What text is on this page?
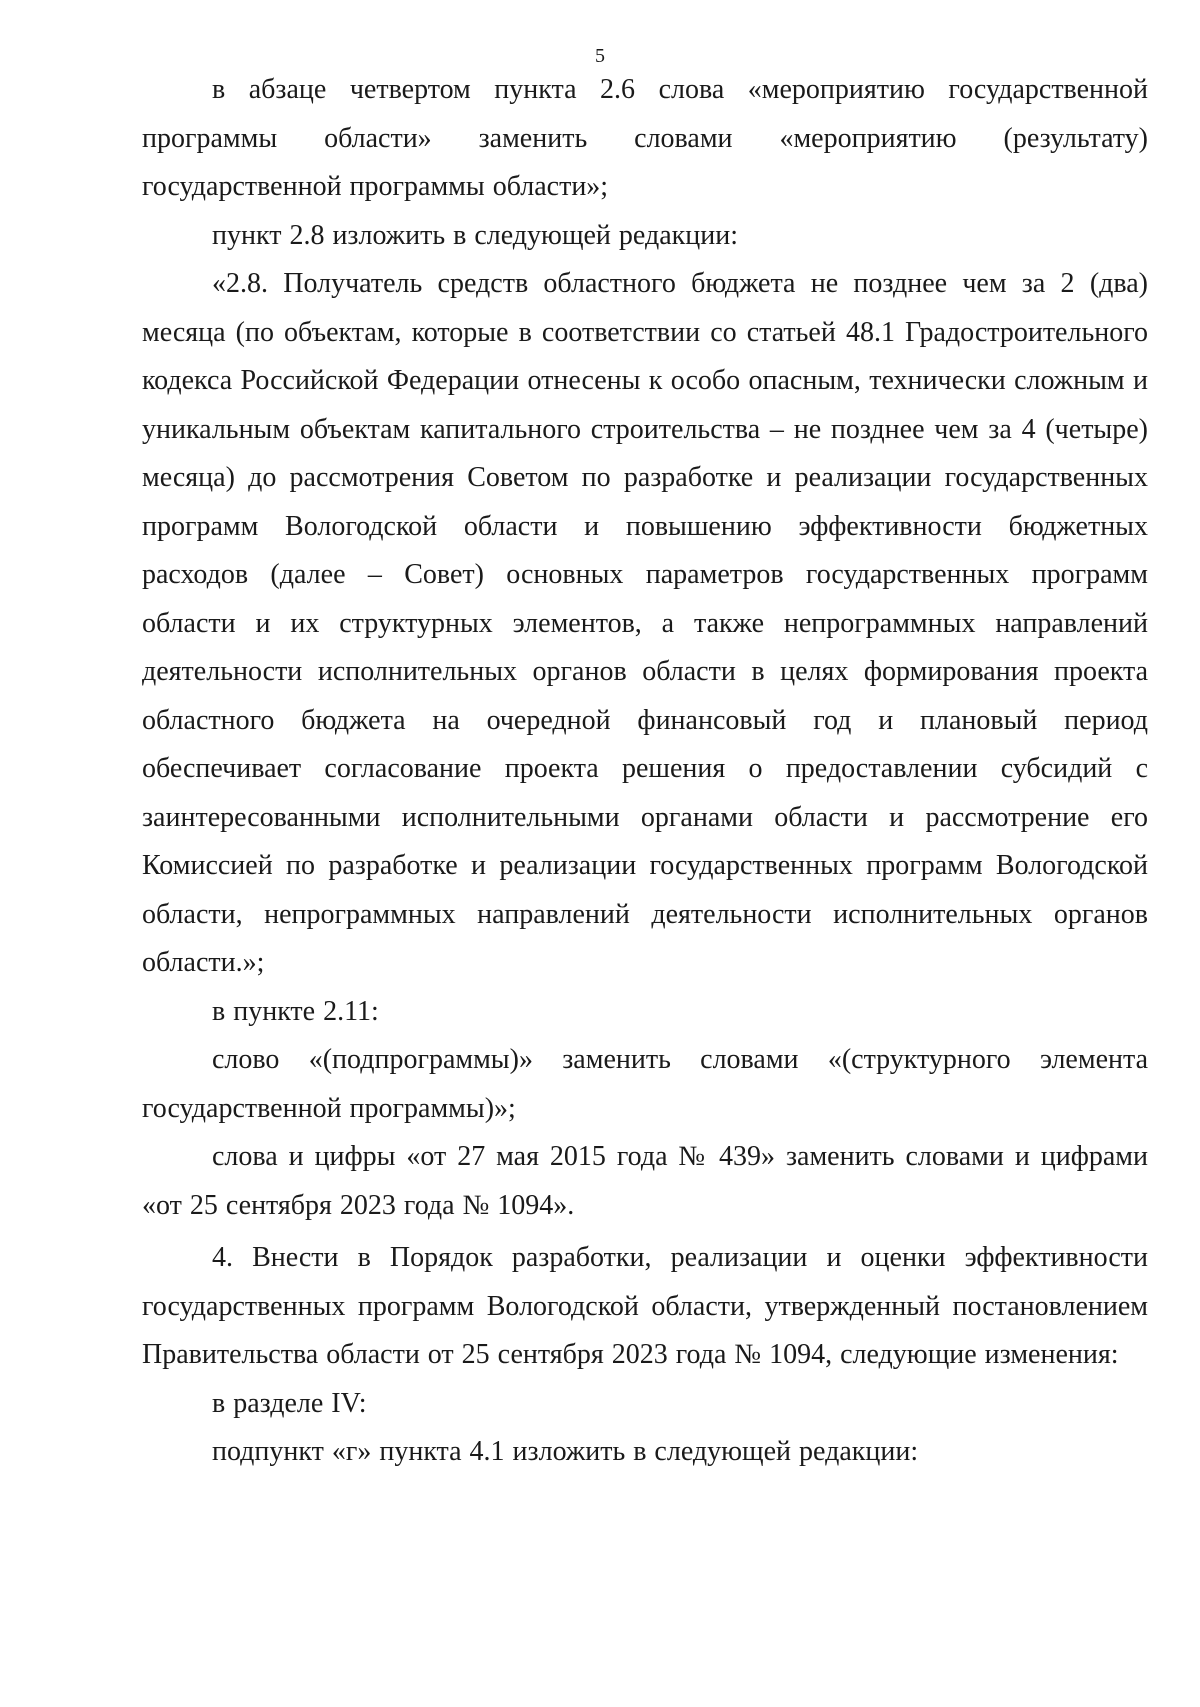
5

в абзаце четвертом пункта 2.6 слова «мероприятию государственной программы области» заменить словами «мероприятию (результату) государственной программы области»;

пункт 2.8 изложить в следующей редакции:

«2.8. Получатель средств областного бюджета не позднее чем за 2 (два) месяца (по объектам, которые в соответствии со статьей 48.1 Градостроительного кодекса Российской Федерации отнесены к особо опасным, технически сложным и уникальным объектам капитального строительства – не позднее чем за 4 (четыре) месяца) до рассмотрения Советом по разработке и реализации государственных программ Вологодской области и повышению эффективности бюджетных расходов (далее – Совет) основных параметров государственных программ области и их структурных элементов, а также непрограммных направлений деятельности исполнительных органов области в целях формирования проекта областного бюджета на очередной финансовый год и плановый период обеспечивает согласование проекта решения о предоставлении субсидий с заинтересованными исполнительными органами области и рассмотрение его Комиссией по разработке и реализации государственных программ Вологодской области, непрограммных направлений деятельности исполнительных органов области.»;

в пункте 2.11:

слово «(подпрограммы)» заменить словами «(структурного элемента государственной программы)»;

слова и цифры «от 27 мая 2015 года № 439» заменить словами и цифрами «от 25 сентября 2023 года № 1094».

4. Внести в Порядок разработки, реализации и оценки эффективности государственных программ Вологодской области, утвержденный постановлением Правительства области от 25 сентября 2023 года № 1094, следующие изменения:

в разделе IV:

подпункт «г» пункта 4.1 изложить в следующей редакции:
